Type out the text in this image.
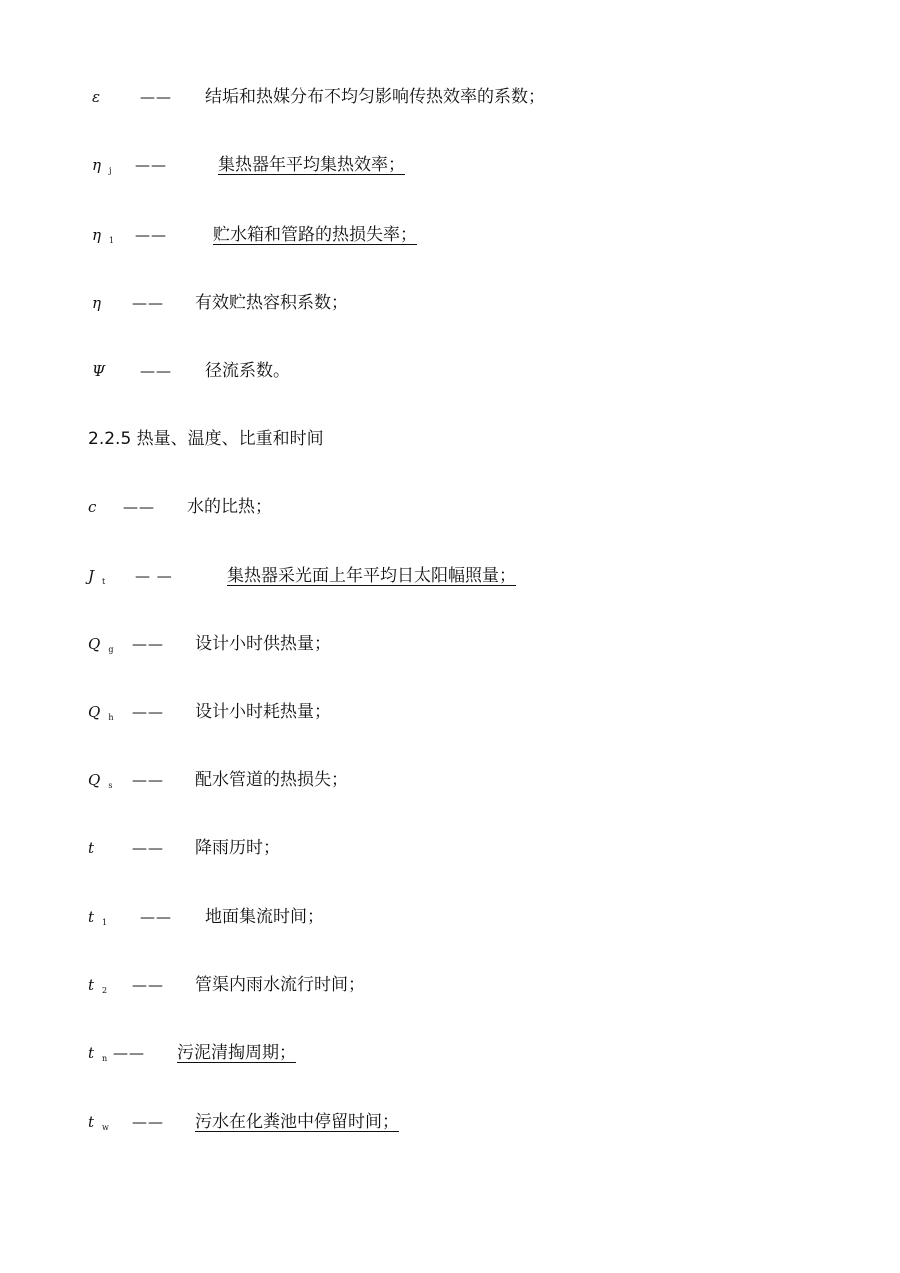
ε	—— 结垢和热媒分布不均匀影响传热效率的系数；
η $_j$ ——	集热器年平均集热效率；
η $_1$ ——	贮水箱和管路的热损失率；
η	—— 有效贮热容积系数；
Ψ	—— 径流系数。
2.2.5 热量、温度、比重和时间
c	—— 水的比热；
J $_t$ — —	集热器采光面上年平均日太阳幅照量；
Q $_g$ —— 设计小时供热量；
Q $_h$ —— 设计小时耗热量；
Q $_s$ —— 配水管道的热损失；
t	—— 降雨历时；
t $_1$ —— 地面集流时间；
t $_2$ —— 管渠内雨水流行时间；
t $_n$ —— 污泥清掏周期；
t $_w$ —— 污水在化粪池中停留时间；
